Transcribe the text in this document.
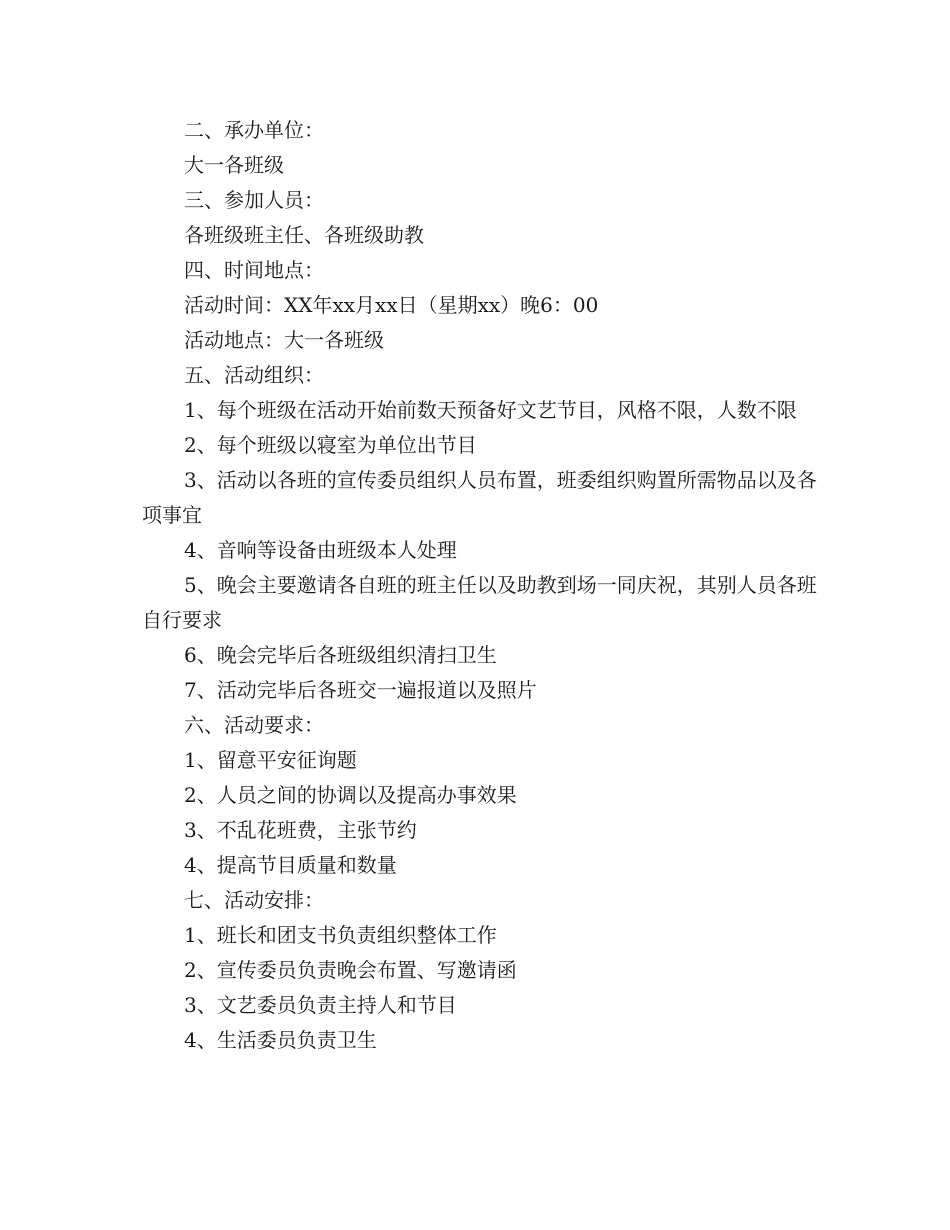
二、承办单位：

大一各班级

三、参加人员：

各班级班主任、各班级助教

四、时间地点：

活动时间：XX年xx月xx日（星期xx）晚6：00

活动地点：大一各班级

五、活动组织：

1、每个班级在活动开始前数天预备好文艺节目，风格不限，人数不限

2、每个班级以寝室为单位出节目

3、活动以各班的宣传委员组织人员布置，班委组织购置所需物品以及各项事宜

4、音响等设备由班级本人处理

5、晚会主要邀请各自班的班主任以及助教到场一同庆祝，其别人员各班自行要求

6、晚会完毕后各班级组织清扫卫生

7、活动完毕后各班交一遍报道以及照片

六、活动要求：

1、留意平安征询题

2、人员之间的协调以及提高办事效果

3、不乱花班费，主张节约

4、提高节目质量和数量

七、活动安排：

1、班长和团支书负责组织整体工作

2、宣传委员负责晚会布置、写邀请函

3、文艺委员负责主持人和节目

4、生活委员负责卫生
